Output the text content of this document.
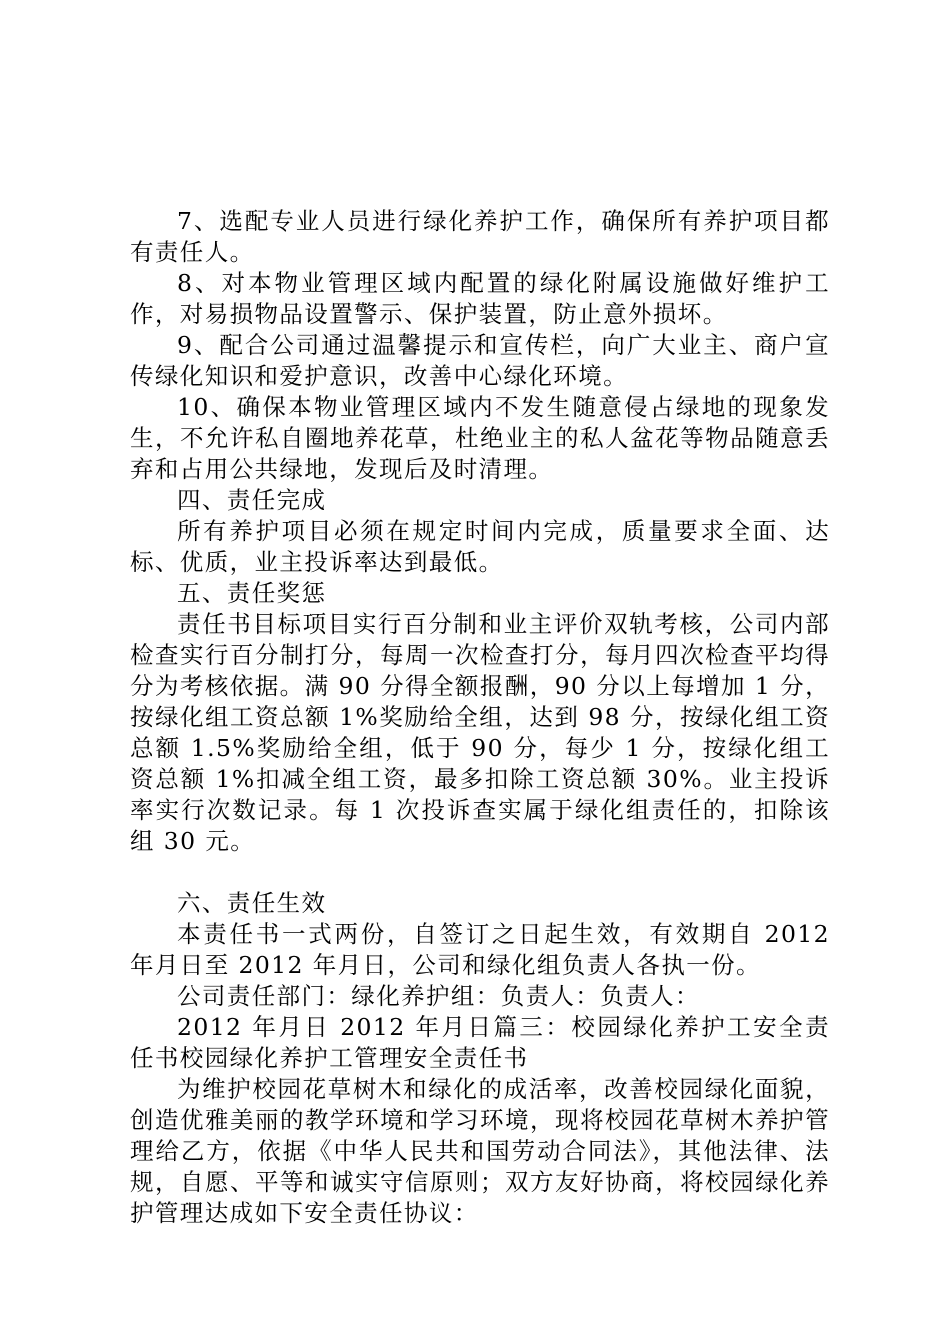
7、选配专业人员进行绿化养护工作，确保所有养护项目都有责任人。

8、对本物业管理区域内配置的绿化附属设施做好维护工作，对易损物品设置警示、保护装置，防止意外损坏。

9、配合公司通过温馨提示和宣传栏，向广大业主、商户宣传绿化知识和爱护意识，改善中心绿化环境。

10、确保本物业管理区域内不发生随意侵占绿地的现象发生，不允许私自圈地养花草，杜绝业主的私人盆花等物品随意丢弃和占用公共绿地，发现后及时清理。

四、责任完成

所有养护项目必须在规定时间内完成，质量要求全面、达标、优质，业主投诉率达到最低。

五、责任奖惩

责任书目标项目实行百分制和业主评价双轨考核，公司内部检查实行百分制打分，每周一次检查打分，每月四次检查平均得分为考核依据。满 90 分得全额报酬，90 分以上每增加 1 分，按绿化组工资总额 1%奖励给全组，达到 98 分，按绿化组工资总额 1.5%奖励给全组，低于 90 分，每少 1 分，按绿化组工资总额 1%扣减全组工资，最多扣除工资总额 30%。业主投诉率实行次数记录。每 1 次投诉查实属于绿化组责任的，扣除该组 30 元。

六、责任生效

本责任书一式两份，自签订之日起生效，有效期自 2012 年月日至 2012 年月日，公司和绿化组负责人各执一份。

公司责任部门：绿化养护组：负责人：负责人：

2012 年月日 2012 年月日篇三：校园绿化养护工安全责任书校园绿化养护工管理安全责任书

为维护校园花草树木和绿化的成活率，改善校园绿化面貌，创造优雅美丽的教学环境和学习环境，现将校园花草树木养护管理给乙方，依据《中华人民共和国劳动合同法》，其他法律、法规，自愿、平等和诚实守信原则；双方友好协商，将校园绿化养护管理达成如下安全责任协议：
